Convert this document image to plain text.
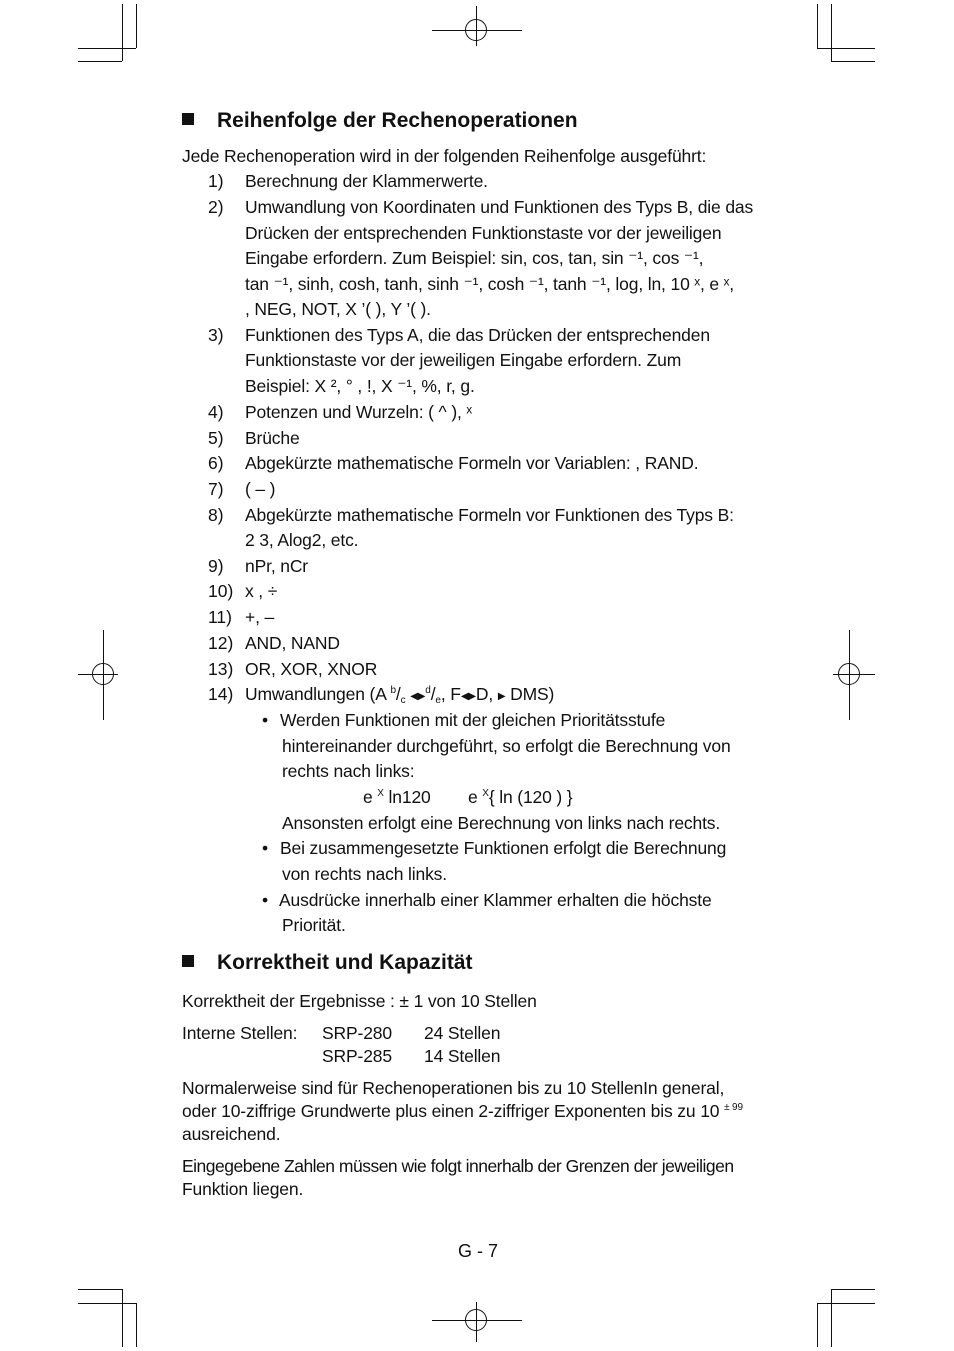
Reihenfolge der Rechenoperationen
Jede Rechenoperation wird in der folgenden Reihenfolge ausgeführt:
1) Berechnung der Klammerwerte.
2) Umwandlung von Koordinaten und Funktionen des Typs B, die das
Drücken der entsprechenden Funktionstaste vor der jeweiligen
Eingabe erfordern. Zum Beispiel: sin, cos, tan, sin ⁻¹, cos ⁻¹,
tan ⁻¹, sinh, cosh, tanh, sinh ⁻¹, cosh ⁻¹, tanh ⁻¹, log, ln, 10 ˣ, e ˣ,
, NEG, NOT, X ’( ), Y ’( ).
3) Funktionen des Typs A, die das Drücken der entsprechenden
Funktionstaste vor der jeweiligen Eingabe erfordern. Zum
Beispiel: X ², ° , !, X ⁻¹, %, r, g.
4) Potenzen und Wurzeln: ( ^ ), ˣ
5) Brüche
6) Abgekürzte mathematische Formeln vor Variablen: , RAND.
7) ( – )
8) Abgekürzte mathematische Formeln vor Funktionen des Typs B:
2 3, Alog2, etc.
9) nPr, nCr
10) x , ÷
11) +, –
12) AND, NAND
13) OR, XOR, XNOR
14) Umwandlungen (A $^b/_c$ $◀▶^d/_e$, F◀▶D, ▶ DMS)
• Werden Funktionen mit der gleichen Prioritätsstufe
hintereinander durchgeführt, so erfolgt die Berechnung von
rechts nach links:
e $^X$ ln120 e $^X${ ln (120 ) }
Ansonsten erfolgt eine Berechnung von links nach rechts.
• Bei zusammengesetzte Funktionen erfolgt die Berechnung
von rechts nach links.
• Ausdrücke innerhalb einer Klammer erhalten die höchste
Priorität.
Korrektheit und Kapazität
Korrektheit der Ergebnisse : ± 1 von 10 Stellen
Interne Stellen: SRP-280 24 Stellen
SRP-285 14 Stellen
Normalerweise sind für Rechenoperationen bis zu 10 StellenIn general,
oder 10-ziffrige Grundwerte plus einen 2-ziffriger Exponenten bis zu 10 $^{\pm 99}$
ausreichend.
Eingegebene Zahlen müssen wie folgt innerhalb der Grenzen der jeweiligen
Funktion liegen.
G - 7
